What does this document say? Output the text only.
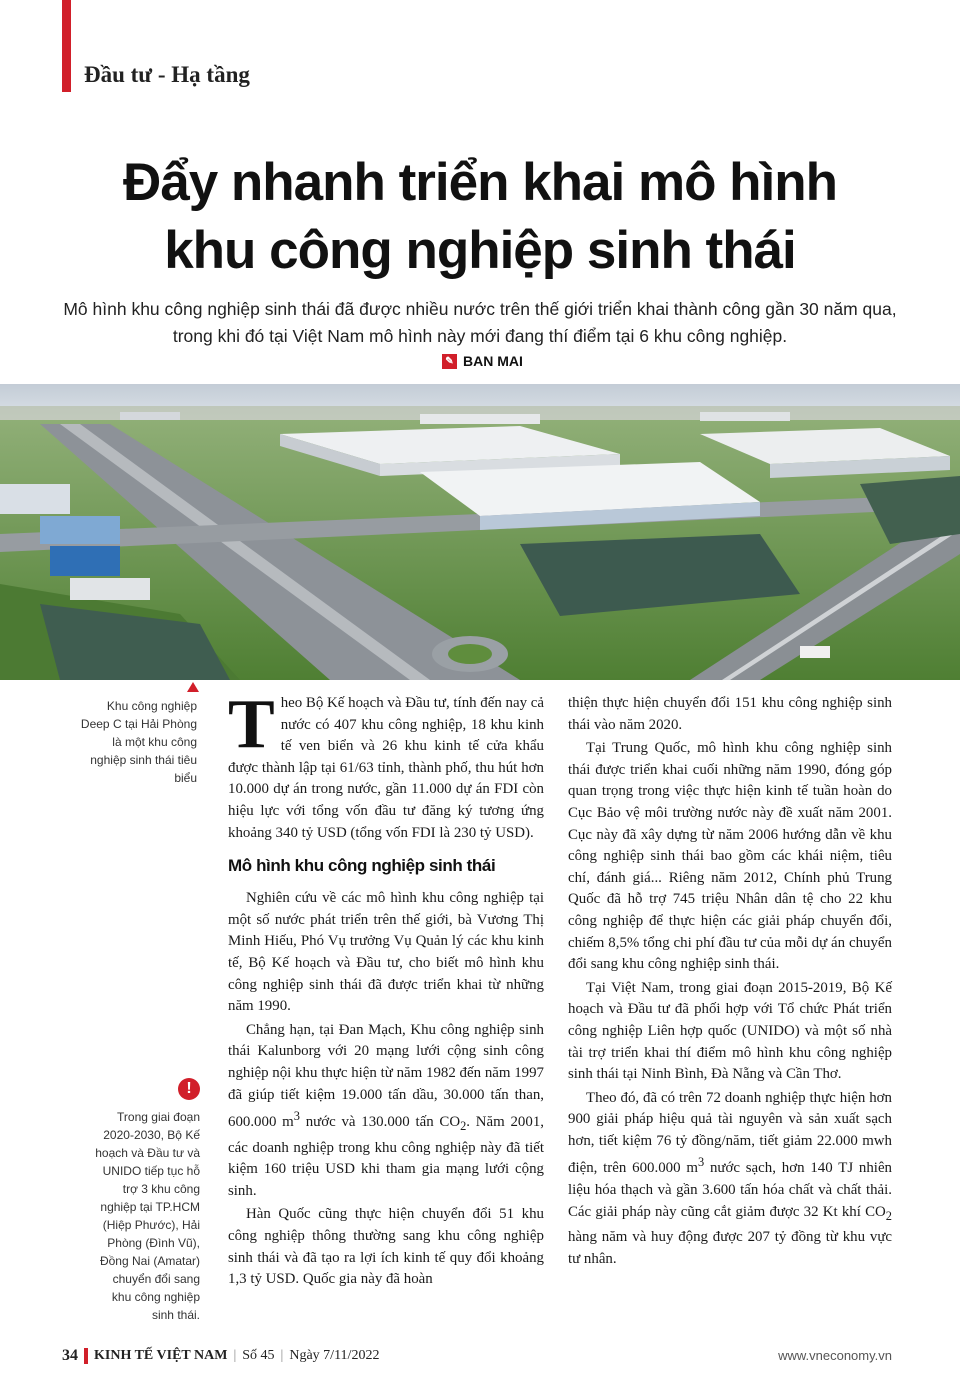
Đầu tư - Hạ tầng
Đẩy nhanh triển khai mô hình
khu công nghiệp sinh thái
Mô hình khu công nghiệp sinh thái đã được nhiều nước trên thế giới triển khai thành công gần 30 năm qua,
trong khi đó tại Việt Nam mô hình này mới đang thí điểm tại 6 khu công nghiệp.
✎ BAN MAI
Khu công nghiệp Deep C tại Hải Phòng là một khu công nghiệp sinh thái tiêu biểu
!
Trong giai đoạn 2020-2030, Bộ Kế hoạch và Đầu tư và UNIDO tiếp tục hỗ trợ 3 khu công nghiệp tại TP.HCM (Hiệp Phước), Hải Phòng (Đình Vũ), Đồng Nai (Amatar) chuyển đổi sang khu công nghiệp sinh thái.

Theo Bộ Kế hoạch và Đầu tư, tính đến nay cả nước có 407 khu công nghiệp, 18 khu kinh tế ven biển và 26 khu kinh tế cửa khẩu được thành lập tại 61/63 tỉnh, thành phố, thu hút hơn 10.000 dự án trong nước, gần 11.000 dự án FDI còn hiệu lực với tổng vốn đầu tư đăng ký tương ứng khoảng 340 tỷ USD (tổng vốn FDI là 230 tỷ USD).

Mô hình khu công nghiệp sinh thái

Nghiên cứu về các mô hình khu công nghiệp tại một số nước phát triển trên thế giới, bà Vương Thị Minh Hiếu, Phó Vụ trưởng Vụ Quản lý các khu kinh tế, Bộ Kế hoạch và Đầu tư, cho biết mô hình khu công nghiệp sinh thái đã được triển khai từ những năm 1990.

Chẳng hạn, tại Đan Mạch, Khu công nghiệp sinh thái Kalunborg với 20 mạng lưới cộng sinh công nghiệp nội khu thực hiện từ năm 1982 đến năm 1997 đã giúp tiết kiệm 19.000 tấn dầu, 30.000 tấn than, 600.000 $m^3$ nước và 130.000 tấn $CO_2$. Năm 2001, các doanh nghiệp trong khu công nghiệp này đã tiết kiệm 160 triệu USD khi tham gia mạng lưới cộng sinh.

Hàn Quốc cũng thực hiện chuyển đổi 51 khu công nghiệp thông thường sang khu công nghiệp sinh thái và đã tạo ra lợi ích kinh tế quy đổi khoảng 1,3 tỷ USD. Quốc gia này đã hoàn

thiện thực hiện chuyển đổi 151 khu công nghiệp sinh thái vào năm 2020.

Tại Trung Quốc, mô hình khu công nghiệp sinh thái được triển khai cuối những năm 1990, đóng góp quan trọng trong việc thực hiện kinh tế tuần hoàn do Cục Bảo vệ môi trường nước này đề xuất năm 2001. Cục này đã xây dựng từ năm 2006 hướng dẫn về khu công nghiệp sinh thái bao gồm các khái niệm, tiêu chí, đánh giá... Riêng năm 2012, Chính phủ Trung Quốc đã hỗ trợ 745 triệu Nhân dân tệ cho 22 khu công nghiệp để thực hiện các giải pháp chuyển đổi, chiếm 8,5% tổng chi phí đầu tư của mỗi dự án chuyển đổi sang khu công nghiệp sinh thái.

Tại Việt Nam, trong giai đoạn 2015-2019, Bộ Kế hoạch và Đầu tư đã phối hợp với Tổ chức Phát triển công nghiệp Liên hợp quốc (UNIDO) và một số nhà tài trợ triển khai thí điểm mô hình khu công nghiệp sinh thái tại Ninh Bình, Đà Nẵng và Cần Thơ.

Theo đó, đã có trên 72 doanh nghiệp thực hiện hơn 900 giải pháp hiệu quả tài nguyên và sản xuất sạch hơn, tiết kiệm 76 tỷ đồng/năm, tiết giảm 22.000 mwh điện, trên 600.000 $m^3$ nước sạch, hơn 140 TJ nhiên liệu hóa thạch và gần 3.600 tấn hóa chất và chất thải. Các giải pháp này cũng cắt giảm được 32 Kt khí $CO_2$ hàng năm và huy động được 207 tỷ đồng từ khu vực tư nhân.

34 KINH TẾ VIỆT NAM | Số 45 | Ngày 7/11/2022	www.vneconomy.vn
